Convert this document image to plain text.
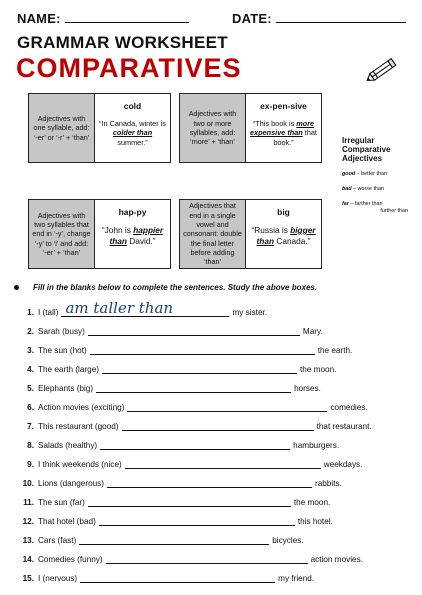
NAME:	DATE:
GRAMMAR WORKSHEET
COMPARATIVES
Adjectives with one syllable, add: ‘-er’ or ‘-r’ + ‘than’
cold
“In Canada, winter is colder than summer.”
Adjectives with two or more syllables, add: ‘more’ + ‘than’
ex-pen-sive
“This book is more expensive than that book.”
Adjectives with two syllables that end in ‘-y’, change ‘-y’ to ‘i’ and add: ‘-er’ + ‘than’
hap-py
“John is happier than David.”
Adjectives that end in a single vowel and consonant: double the final letter before adding ‘than’
big
“Russia is bigger than Canada.”
Irregular Comparative Adjectives
good – better than
bad – worse than
far – farther than
further than
Fill in the blanks below to complete the sentences. Study the above boxes.
1. I (tall) am taller than	my sister.
2. Sarah (busy)	Mary.
3. The sun (hot)	the earth.
4. The earth (large)	the moon.
5. Elephants (big)	horses.
6. Action movies (exciting)	comedies.
7. This restaurant (good)	that restaurant.
8. Salads (healthy)	hamburgers.
9. I think weekends (nice)	weekdays.
10. Lions (dangerous)	rabbits.
11. The sun (far)	the moon.
12. That hotel (bad)	this hotel.
13. Cars (fast)	bicycles.
14. Comedies (funny)	action movies.
15. I (nervous)	my friend.
